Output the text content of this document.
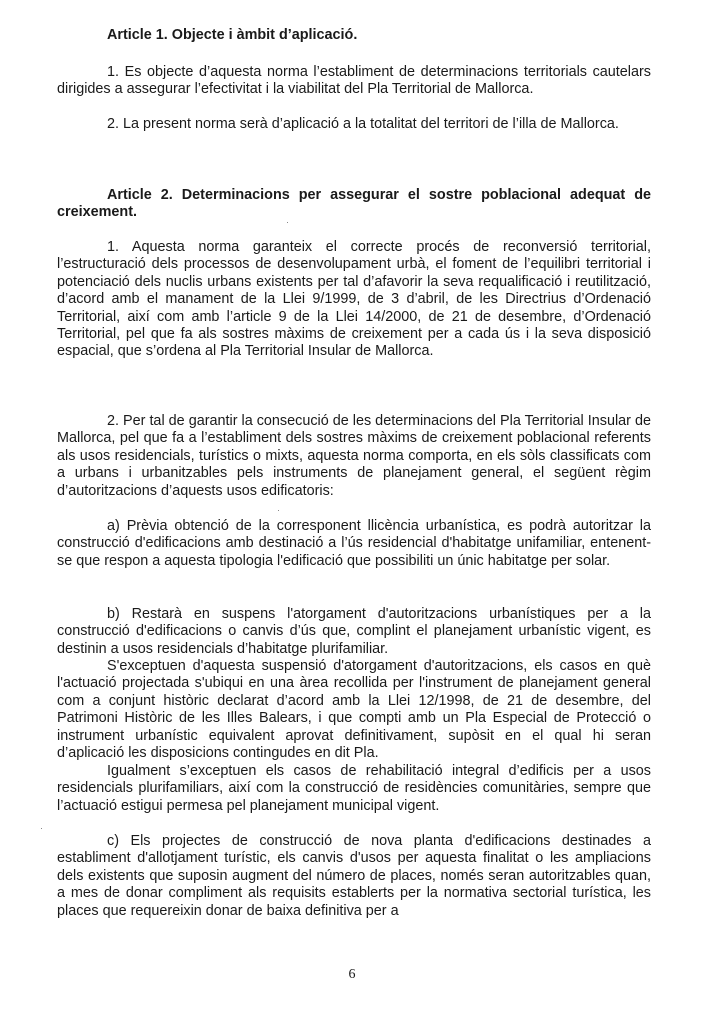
Article 1. Objecte i àmbit d’aplicació.
1. Es objecte d’aquesta norma l’establiment de determinacions territorials cautelars dirigides a assegurar l’efectivitat i la viabilitat del Pla Territorial de Mallorca.
2. La present norma serà d’aplicació a la totalitat del territori de l’illa de Mallorca.
Article 2. Determinacions per assegurar el sostre poblacional adequat de creixement.
1. Aquesta norma garanteix el correcte procés de reconversió territorial, l’estructuració dels processos de desenvolupament urbà, el foment de l’equilibri territorial i potenciació dels nuclis urbans existents per tal d’afavorir la seva requalificació i reutilització, d’acord amb el manament de la Llei 9/1999, de 3 d’abril, de les Directrius d’Ordenació Territorial, així com amb l’article 9 de la Llei 14/2000, de 21 de desembre, d’Ordenació Territorial, pel que fa als sostres màxims de creixement per a cada ús i la seva disposició espacial, que s’ordena al Pla Territorial Insular de Mallorca.
2. Per tal de garantir la consecució de les determinacions del Pla Territorial Insular de Mallorca, pel que fa a l’establiment dels sostres màxims de creixement poblacional referents als usos residencials, turístics o mixts, aquesta norma comporta, en els sòls classificats com a urbans i urbanitzables pels instruments de planejament general, el següent règim d’autoritzacions d’aquests usos edificatoris:
a) Prèvia obtenció de la corresponent llicència urbanística, es podrà autoritzar la construcció d'edificacions amb destinació a l’ús residencial d'habitatge unifamiliar, entenent-se que respon a aquesta tipologia l'edificació que possibiliti un únic habitatge per solar.
b) Restarà en suspens l'atorgament d'autoritzacions urbanístiques per a la construcció d'edificacions o canvis d’ús que, complint el planejament urbanístic vigent, es destinin a usos residencials d’habitatge plurifamiliar.
S'exceptuen d'aquesta suspensió d'atorgament d'autoritzacions, els casos en què l'actuació projectada s'ubiqui en una àrea recollida per l'instrument de planejament general com a conjunt històric declarat d’acord amb la Llei 12/1998, de 21 de desembre, del Patrimoni Històric de les Illes Balears, i que compti amb un Pla Especial de Protecció o instrument urbanístic equivalent aprovat definitivament, supòsit en el qual hi seran d’aplicació les disposicions contingudes en dit Pla.
Igualment s’exceptuen els casos de rehabilitació integral d’edificis per a usos residencials plurifamiliars, així com la construcció de residències comunitàries, sempre que l’actuació estigui permesa pel planejament municipal vigent.
c) Els projectes de construcció de nova planta d'edificacions destinades a establiment d'allotjament turístic, els canvis d'usos per aquesta finalitat o les ampliacions dels existents que suposin augment del número de places, només seran autoritzables quan, a mes de donar compliment als requisits establerts per la normativa sectorial turística, les places que requereixin donar de baixa definitiva per a
6
